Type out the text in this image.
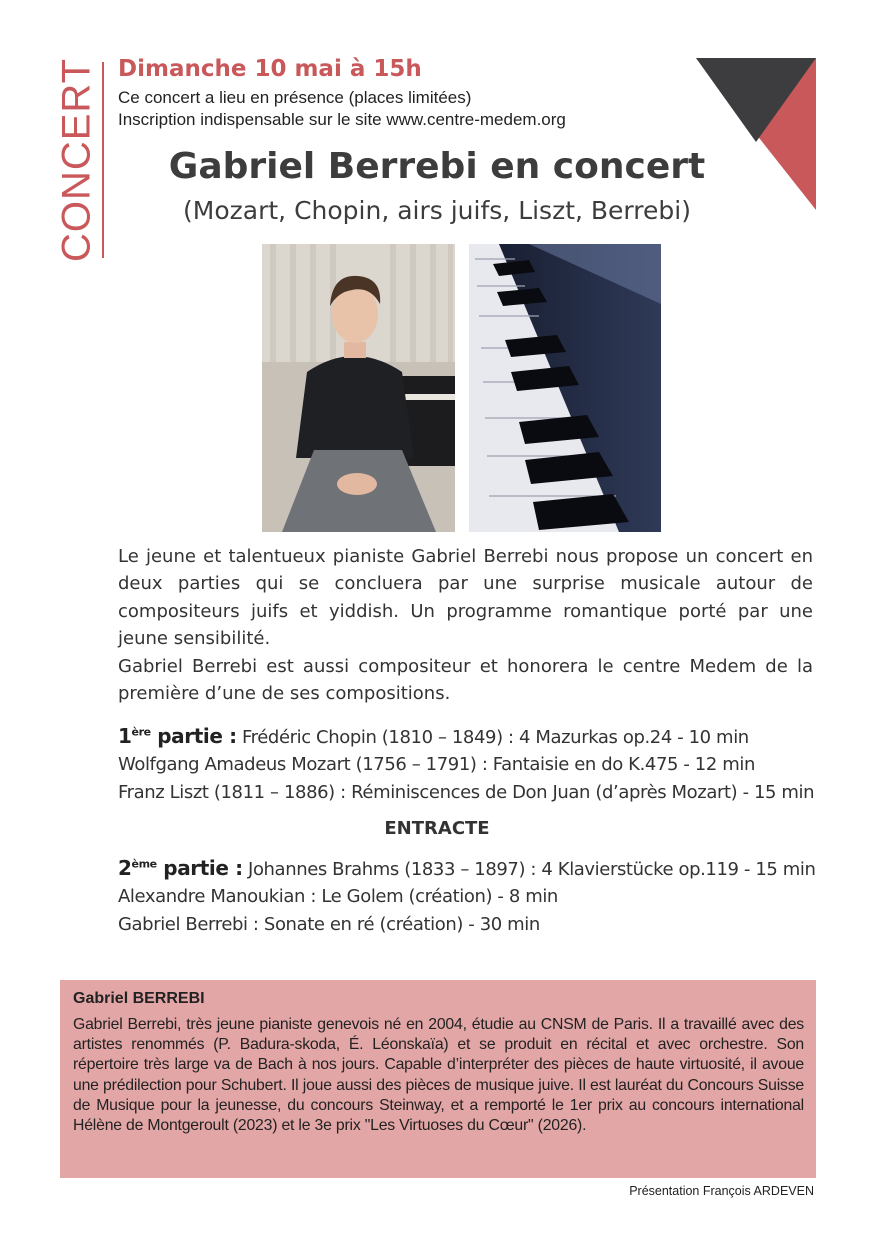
CONCERT Dimanche 10 mai à 15h
Ce concert a lieu en présence (places limitées)
Inscription indispensable sur le site www.centre-medem.org
Gabriel Berrebi en concert
(Mozart, Chopin, airs juifs, Liszt, Berrebi)

Le jeune et talentueux pianiste Gabriel Berrebi nous propose un concert en deux parties qui se concluera par une surprise musicale autour de compositeurs juifs et yiddish. Un programme romantique porté par une jeune sensibilité.

Gabriel Berrebi est aussi compositeur et honorera le centre Medem de la première d’une de ses compositions.

1ère partie : Frédéric Chopin (1810 – 1849) : 4 Mazurkas op.24 - 10 min
Wolfgang Amadeus Mozart (1756 – 1791) : Fantaisie en do K.475 - 12 min
Franz Liszt (1811 – 1886) : Réminiscences de Don Juan (d’après Mozart) - 15 min
ENTRACTE
2ème partie : Johannes Brahms (1833 – 1897) : 4 Klavierstücke op.119 - 15 min
Alexandre Manoukian : Le Golem (création) - 8 min
Gabriel Berrebi : Sonate en ré (création) - 30 min
Gabriel BERREBI
Gabriel Berrebi, très jeune pianiste genevois né en 2004, étudie au CNSM de Paris. Il a travaillé avec des artistes renommés (P. Badura-skoda, É. Léonskaïa) et se produit en récital et avec orchestre. Son répertoire très large va de Bach à nos jours. Capable d’interpréter des pièces de haute virtuosité, il avoue une prédilection pour Schubert. Il joue aussi des pièces de musique juive. Il est lauréat du Concours Suisse de Musique pour la jeunesse, du concours Steinway, et a remporté le 1er prix au concours international Hélène de Montgeroult (2023) et le 3e prix "Les Virtuoses du Cœur" (2026).
Présentation François ARDEVEN
